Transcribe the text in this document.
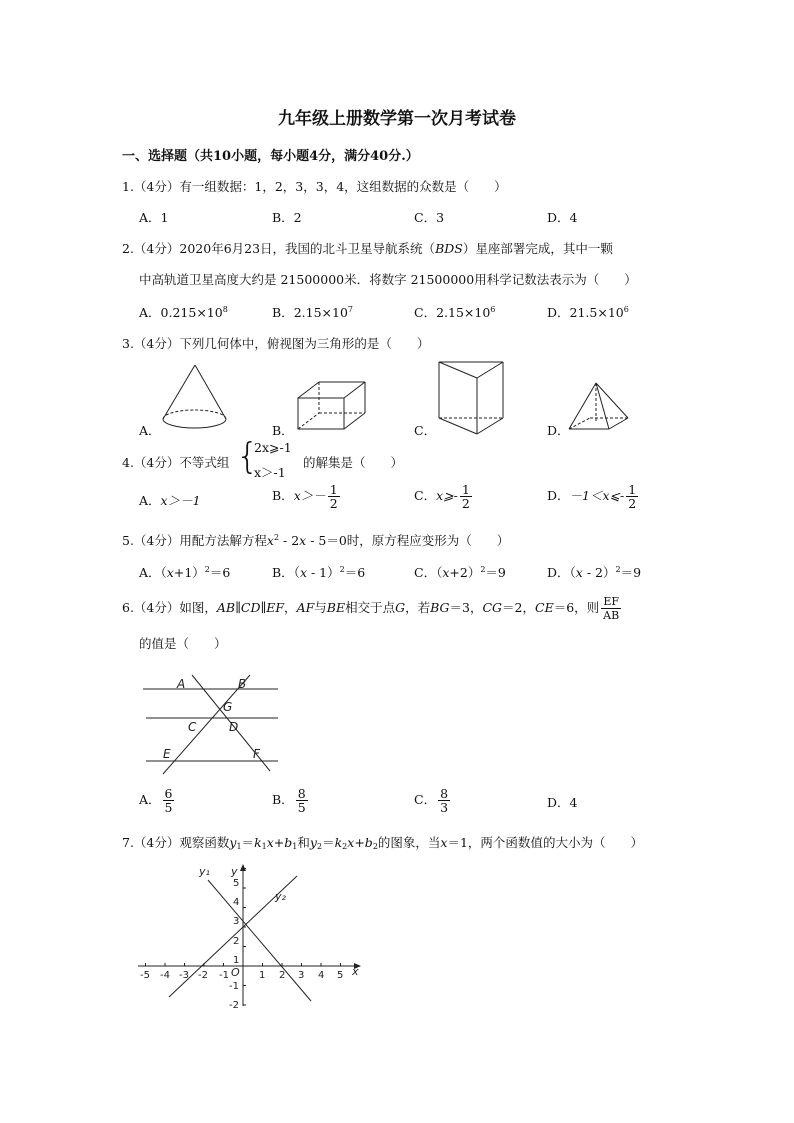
九年级上册数学第一次月考试卷
一、选择题（共10小题，每小题4分，满分40分.）
1.（4分）有一组数据：1，2，3，3，4，这组数据的众数是（　　）
A．1	B．2	C．3	D．4
2.（4分）2020年6月23日，我国的北斗卫星导航系统（BDS）星座部署完成，其中一颗
中高轨道卫星高度大约是 21500000米．将数字 21500000用科学记数法表示为（　　）
A．$0.215\times 10^8$	B．$2.15\times 10^7$	C．$2.15\times 10^6$	D．$21.5\times 10^6$
3.（4分）下列几何体中，俯视图为三角形的是（　　）
A．	B．	C．	D．
4.（4分）不等式组 {
2x⩾-1
x＞-1
的解集是（　　）
A．x＞－1	B．$x>- \frac{1}{2}$	C．x⩾- $\frac{1}{2}$	D．－1＜x⩽- $\frac{1}{2}$
5.（4分）用配方法解方程$x^2 - 2x - 5=0$时，原方程应变形为（　　）
A．$(x+1)^2=6$	B．（x - 1）$^2$＝6	C．$(x+2)^2=9$	D．（x - 2）$^2$＝9
6.（4分）如图，AB∥CD∥EF，AF与BE相交于点G，若BG＝3，CG＝2，CE＝6，则 $\frac{EF}{AB}$
的值是（　　）
A	B
G
C	D
E	F
A． $\frac{6}{5}$	B． $\frac{8}{5}$	C． $\frac{8}{3}$	D．4
7.（4分）观察函数$y_1=k_1x+b_1$和$y_2=k_2x+b_2$的图象，当x＝1，两个函数值的大小为（　　）
y₁ y
y₂
x
O
-5 -4 -3 -2 -1	1 2 3 4 5
5
4
3
2
1
-1
-2
